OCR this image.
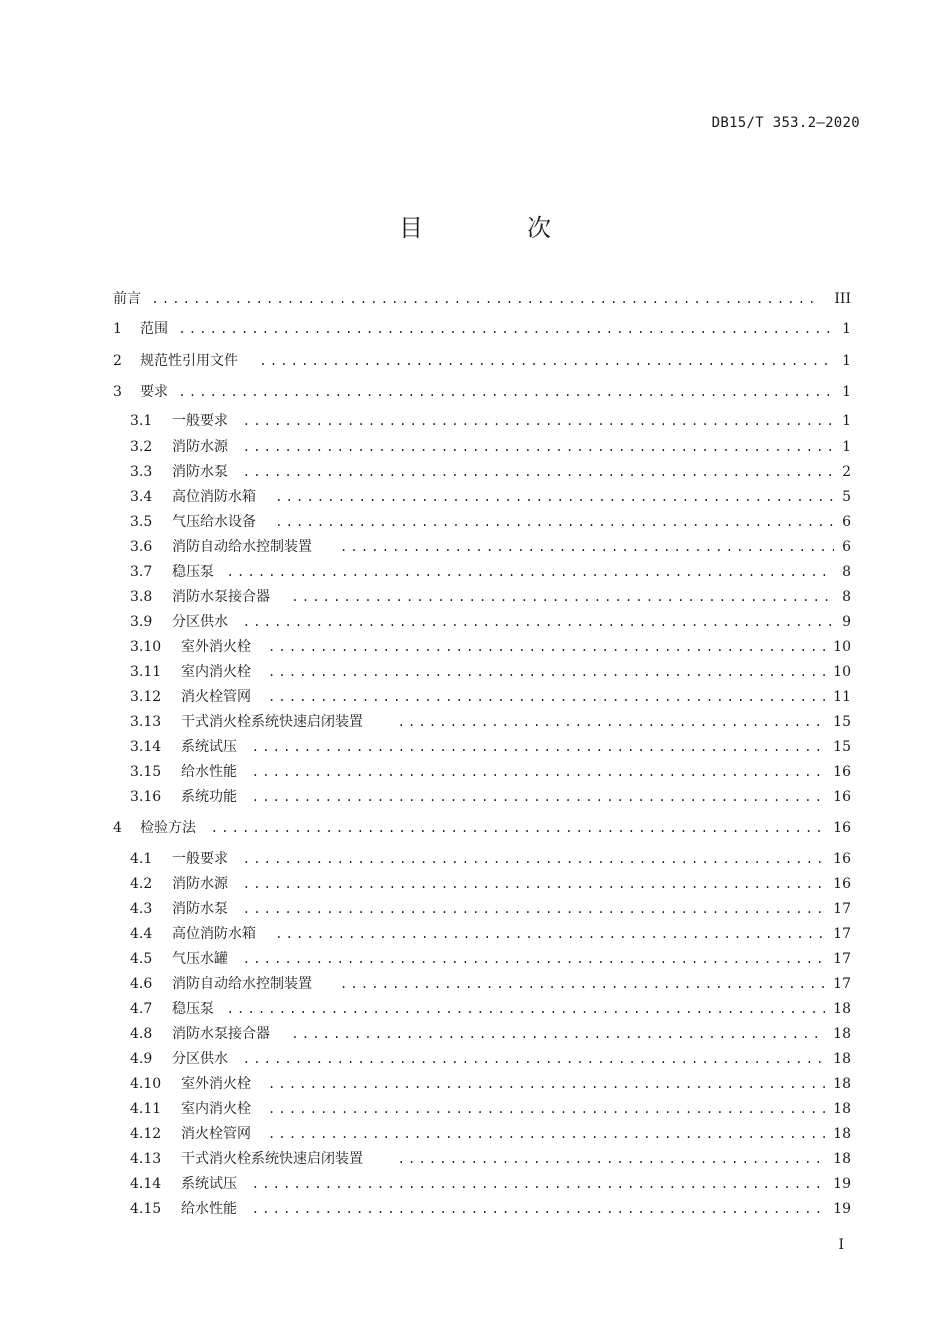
DB15/T 353.2—2020
目　次
前言 .....	III
1 范围 .....	1
2 规范性引用文件 .....	1
3 要求 .....	1
3.1 一般要求 .....	1
3.2 消防水源 .....	1
3.3 消防水泵 .....	2
3.4 高位消防水箱 .....	5
3.5 气压给水设备 .....	6
3.6 消防自动给水控制装置 .....	6
3.7 稳压泵 .....	8
3.8 消防水泵接合器 .....	8
3.9 分区供水 .....	9
3.10 室外消火栓 .....	10
3.11 室内消火栓 .....	10
3.12 消火栓管网 .....	11
3.13 干式消火栓系统快速启闭装置 .....	15
3.14 系统试压 .....	15
3.15 给水性能 .....	16
3.16 系统功能 .....	16
4 检验方法 .....	16
4.1 一般要求 .....	16
4.2 消防水源 .....	16
4.3 消防水泵 .....	17
4.4 高位消防水箱 .....	17
4.5 气压水罐 .....	17
4.6 消防自动给水控制装置 .....	17
4.7 稳压泵 .....	18
4.8 消防水泵接合器 .....	18
4.9 分区供水 .....	18
4.10 室外消火栓 .....	18
4.11 室内消火栓 .....	18
4.12 消火栓管网 .....	18
4.13 干式消火栓系统快速启闭装置 .....	18
4.14 系统试压 .....	19
4.15 给水性能 .....	19
I
